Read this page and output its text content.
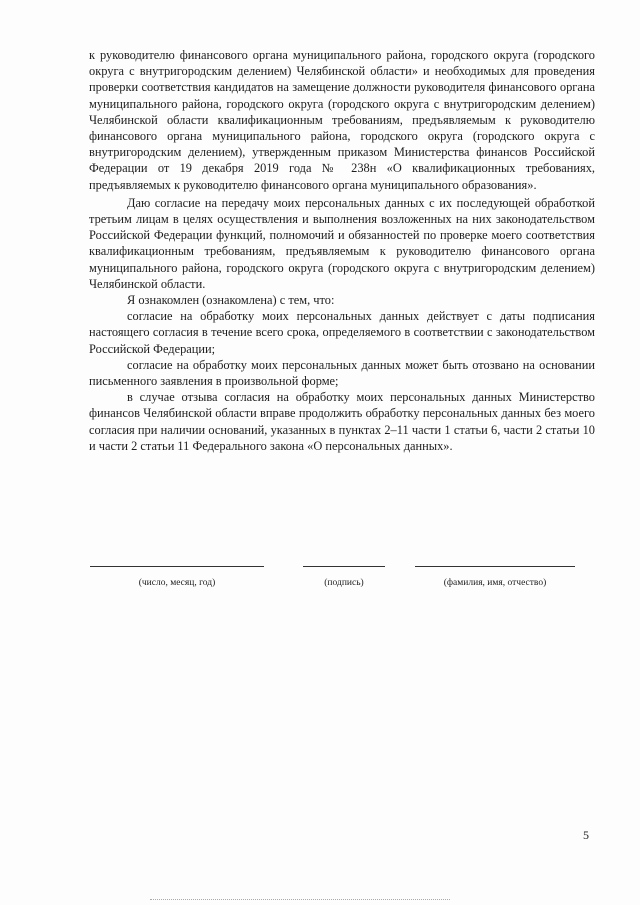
к руководителю финансового органа муниципального района, городского округа (городского округа с внутригородским делением) Челябинской области» и необходимых для проведения проверки соответствия кандидатов на замещение должности руководителя финансового органа муниципального района, городского округа (городского округа с внутригородским делением) Челябинской области квалификационным требованиям, предъявляемым к руководителю финансового органа муниципального района, городского округа (городского округа с внутригородским делением), утвержденным приказом Министерства финансов Российской Федерации от 19 декабря 2019 года № 238н «О квалификационных требованиях, предъявляемых к руководителю финансового органа муниципального образования».

Даю согласие на передачу моих персональных данных с их последующей обработкой третьим лицам в целях осуществления и выполнения возложенных на них законодательством Российской Федерации функций, полномочий и обязанностей по проверке моего соответствия квалификационным требованиям, предъявляемым к руководителю финансового органа муниципального района, городского округа (городского округа с внутригородским делением) Челябинской области.

Я ознакомлен (ознакомлена) с тем, что:

согласие на обработку моих персональных данных действует с даты подписания настоящего согласия в течение всего срока, определяемого в соответствии с законодательством Российской Федерации;

согласие на обработку моих персональных данных может быть отозвано на основании письменного заявления в произвольной форме;

в случае отзыва согласия на обработку моих персональных данных Министерство финансов Челябинской области вправе продолжить обработку персональных данных без моего согласия при наличии оснований, указанных в пунктах 2–11 части 1 статьи 6, части 2 статьи 10 и части 2 статьи 11 Федерального закона «О персональных данных».

(число, месяц, год)	(подпись)	(фамилия, имя, отчество)
5
